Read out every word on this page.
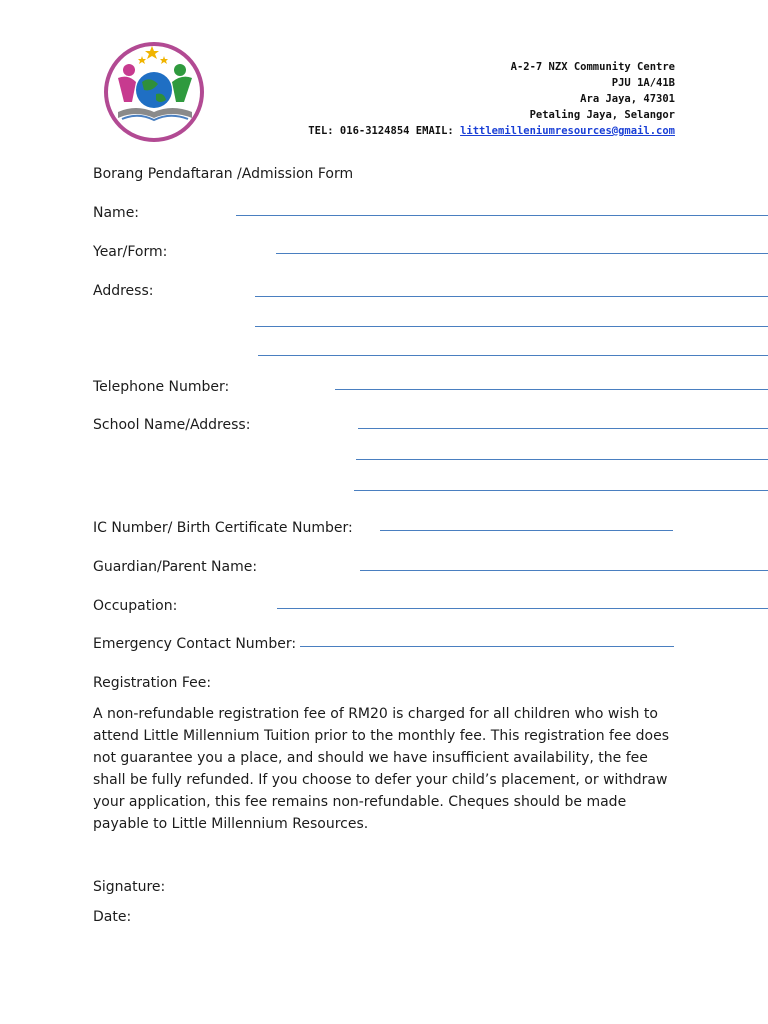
A-2-7 NZX Community Centre
PJU 1A/41B
Ara Jaya, 47301
Petaling Jaya, Selangor
TEL: 016-3124854 EMAIL: littlemilleniumresources@gmail.com
Borang Pendaftaran /Admission Form
Name:
Year/Form:
Address:
Telephone Number:
School Name/Address:
IC Number/ Birth Certificate Number:
Guardian/Parent Name:
Occupation:
Emergency Contact Number:
Registration Fee:
A non-refundable registration fee of RM20 is charged for all children who wish to attend Little Millennium Tuition prior to the monthly fee. This registration fee does not guarantee you a place, and should we have insufficient availability, the fee shall be fully refunded. If you choose to defer your child’s placement, or withdraw your application, this fee remains non-refundable. Cheques should be made payable to Little Millennium Resources.
Signature:
Date:
